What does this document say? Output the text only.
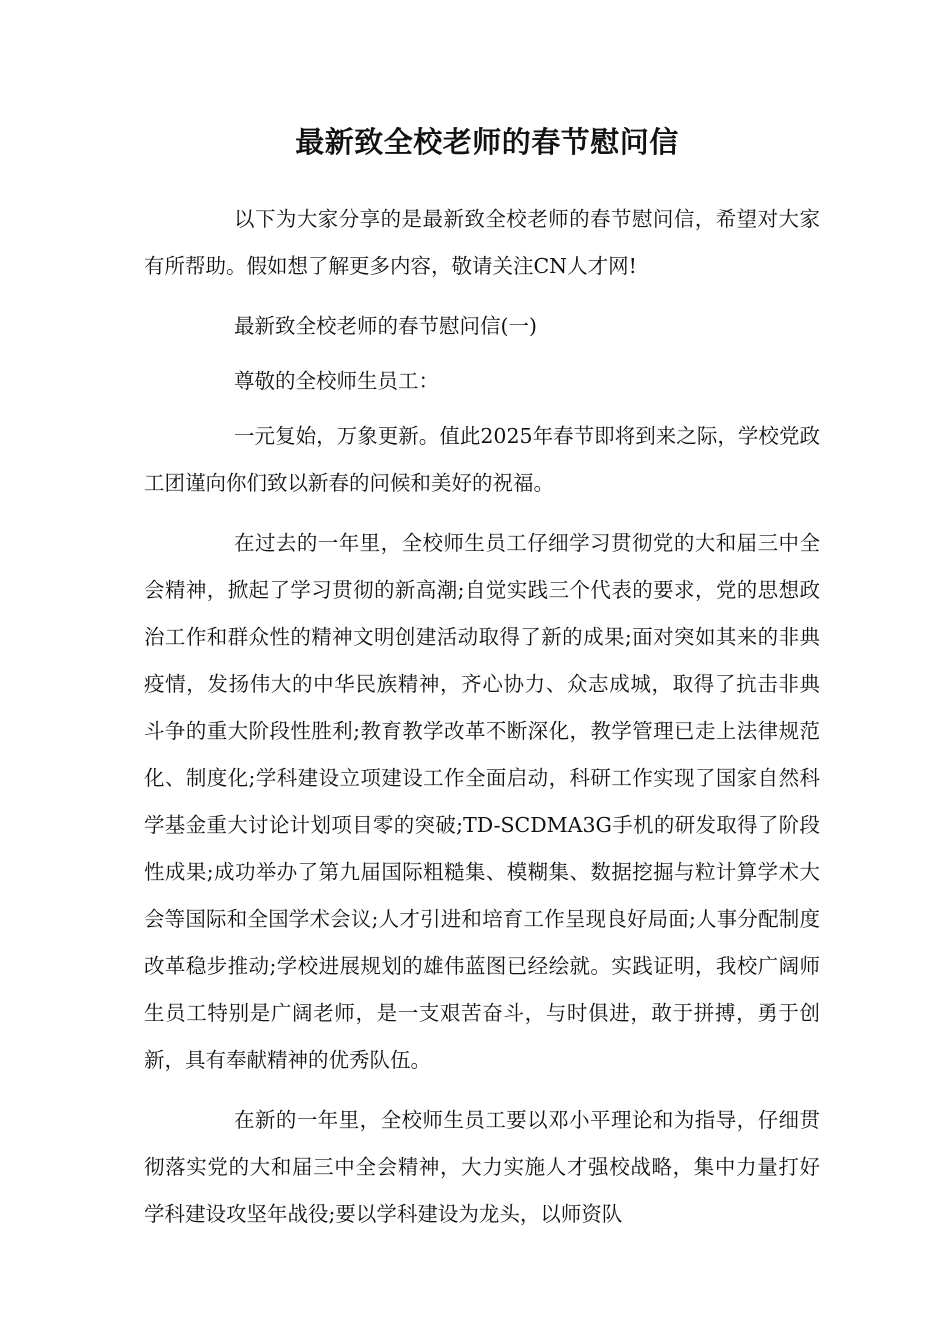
最新致全校老师的春节慰问信

以下为大家分享的是最新致全校老师的春节慰问信，希望对大家有所帮助。假如想了解更多内容，敬请关注CN人才网!

最新致全校老师的春节慰问信(一)

尊敬的全校师生员工：

一元复始，万象更新。值此2025年春节即将到来之际，学校党政工团谨向你们致以新春的问候和美好的祝福。

在过去的一年里，全校师生员工仔细学习贯彻党的大和届三中全会精神，掀起了学习贯彻的新高潮;自觉实践三个代表的要求，党的思想政治工作和群众性的精神文明创建活动取得了新的成果;面对突如其来的非典疫情，发扬伟大的中华民族精神，齐心协力、众志成城，取得了抗击非典斗争的重大阶段性胜利;教育教学改革不断深化，教学管理已走上法律规范化、制度化;学科建设立项建设工作全面启动，科研工作实现了国家自然科学基金重大讨论计划项目零的突破;TD-SCDMA3G手机的研发取得了阶段性成果;成功举办了第九届国际粗糙集、模糊集、数据挖掘与粒计算学术大会等国际和全国学术会议;人才引进和培育工作呈现良好局面;人事分配制度改革稳步推动;学校进展规划的雄伟蓝图已经绘就。实践证明，我校广阔师生员工特别是广阔老师，是一支艰苦奋斗，与时俱进，敢于拼搏，勇于创新，具有奉献精神的优秀队伍。

在新的一年里，全校师生员工要以邓小平理论和为指导，仔细贯彻落实党的大和届三中全会精神，大力实施人才强校战略，集中力量打好学科建设攻坚年战役;要以学科建设为龙头，以师资队
